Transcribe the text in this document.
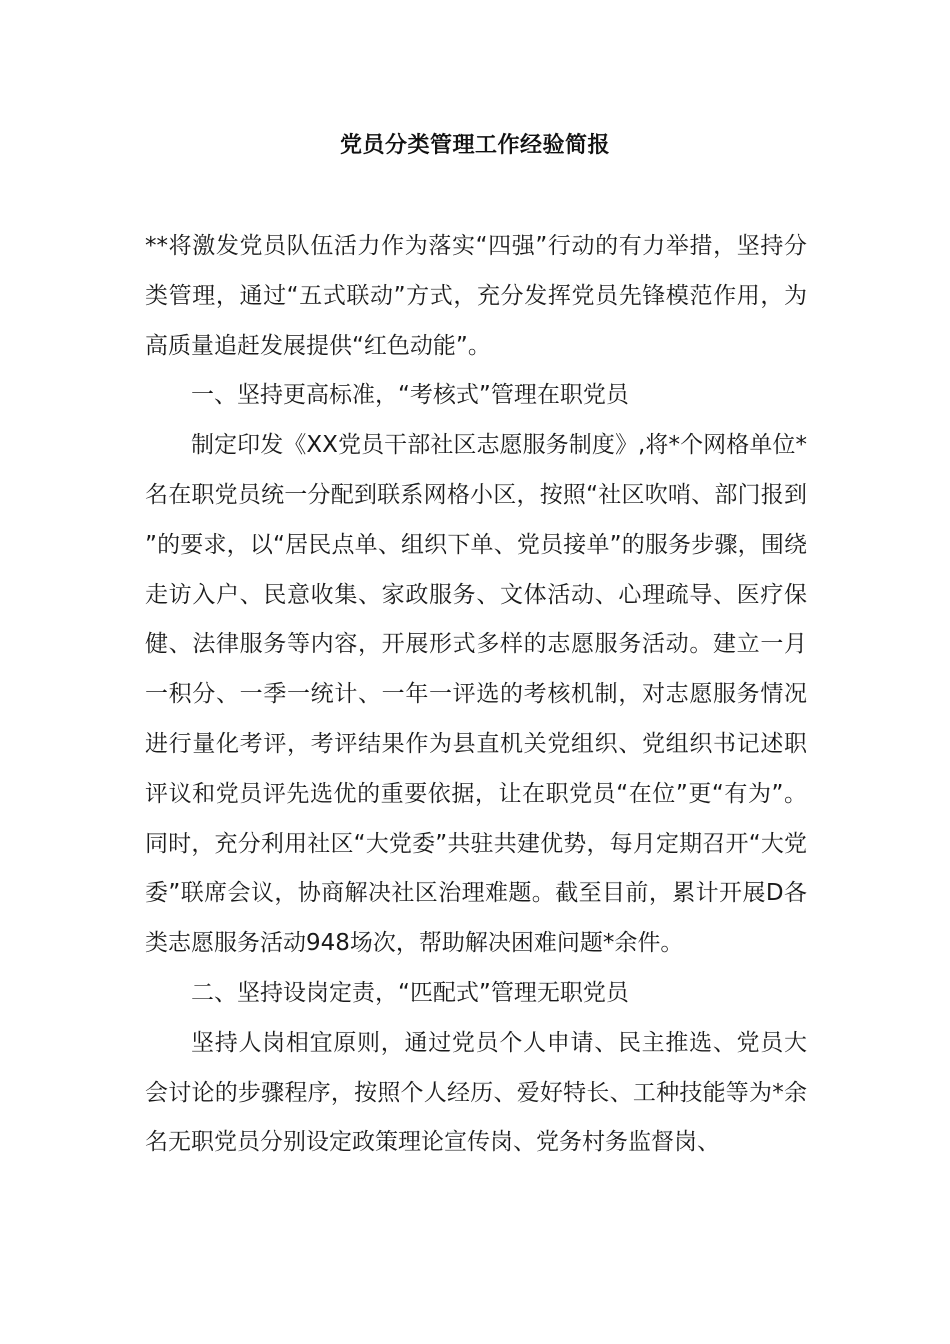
党员分类管理工作经验简报

**将激发党员队伍活力作为落实“四强”行动的有力举措，坚持分类管理，通过“五式联动”方式，充分发挥党员先锋模范作用，为高质量追赶发展提供“红色动能”。

一、坚持更高标准，“考核式”管理在职党员

制定印发《XX党员干部社区志愿服务制度》,将*个网格单位*名在职党员统一分配到联系网格小区，按照“社区吹哨、部门报到”的要求，以“居民点单、组织下单、党员接单”的服务步骤，围绕走访入户、民意收集、家政服务、文体活动、心理疏导、医疗保健、法律服务等内容，开展形式多样的志愿服务活动。建立一月一积分、一季一统计、一年一评选的考核机制，对志愿服务情况进行量化考评，考评结果作为县直机关党组织、党组织书记述职评议和党员评先选优的重要依据，让在职党员“在位”更“有为”。同时，充分利用社区“大党委”共驻共建优势，每月定期召开“大党委”联席会议，协商解决社区治理难题。截至目前，累计开展D各类志愿服务活动948场次，帮助解决困难问题*余件。

二、坚持设岗定责，“匹配式”管理无职党员

坚持人岗相宜原则，通过党员个人申请、民主推选、党员大会讨论的步骤程序，按照个人经历、爱好特长、工种技能等为*余名无职党员分别设定政策理论宣传岗、党务村务监督岗、
